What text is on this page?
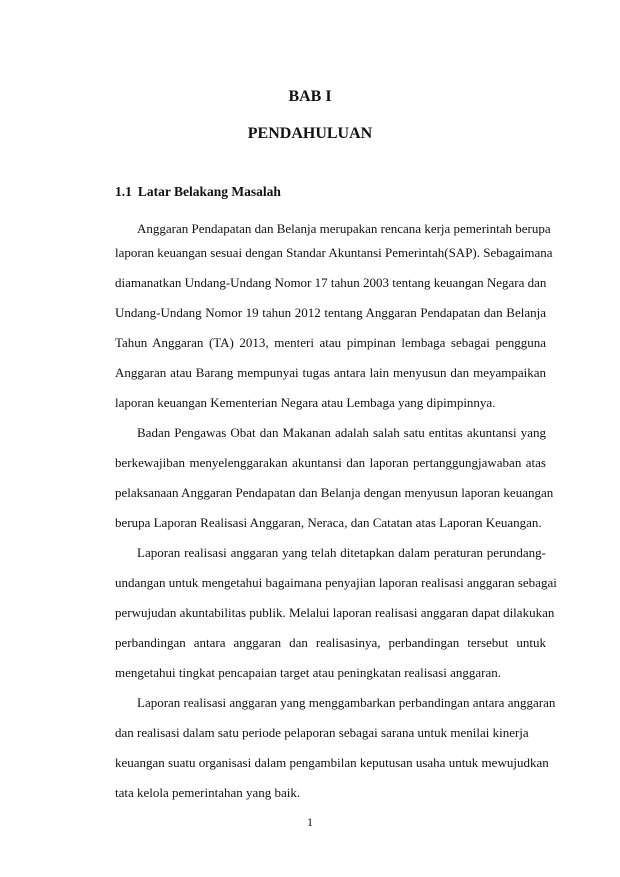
BAB I
PENDAHULUAN
1.1 Latar Belakang Masalah

Anggaran Pendapatan dan Belanja merupakan rencana kerja pemerintah berupa

laporan keuangan sesuai dengan Standar Akuntansi Pemerintah(SAP). Sebagaimana

diamanatkan Undang-Undang Nomor 17 tahun 2003 tentang keuangan Negara dan

Undang-Undang Nomor 19 tahun 2012 tentang Anggaran Pendapatan dan Belanja

Tahun Anggaran (TA) 2013, menteri atau pimpinan lembaga sebagai pengguna

Anggaran atau Barang mempunyai tugas antara lain menyusun dan meyampaikan

laporan keuangan Kementerian Negara atau Lembaga yang dipimpinnya.

Badan Pengawas Obat dan Makanan adalah salah satu entitas akuntansi yang

berkewajiban menyelenggarakan akuntansi dan laporan pertanggungjawaban atas

pelaksanaan Anggaran Pendapatan dan Belanja dengan menyusun laporan keuangan

berupa Laporan Realisasi Anggaran, Neraca, dan Catatan atas Laporan Keuangan.

Laporan realisasi anggaran yang telah ditetapkan dalam peraturan perundang-

undangan untuk mengetahui bagaimana penyajian laporan realisasi anggaran sebagai

perwujudan akuntabilitas publik. Melalui laporan realisasi anggaran dapat dilakukan

perbandingan antara anggaran dan realisasinya, perbandingan tersebut untuk

mengetahui tingkat pencapaian target atau peningkatan realisasi anggaran.

Laporan realisasi anggaran yang menggambarkan perbandingan antara anggaran

dan realisasi dalam satu periode pelaporan sebagai sarana untuk menilai kinerja

keuangan suatu organisasi dalam pengambilan keputusan usaha untuk mewujudkan

tata kelola pemerintahan yang baik.

1
